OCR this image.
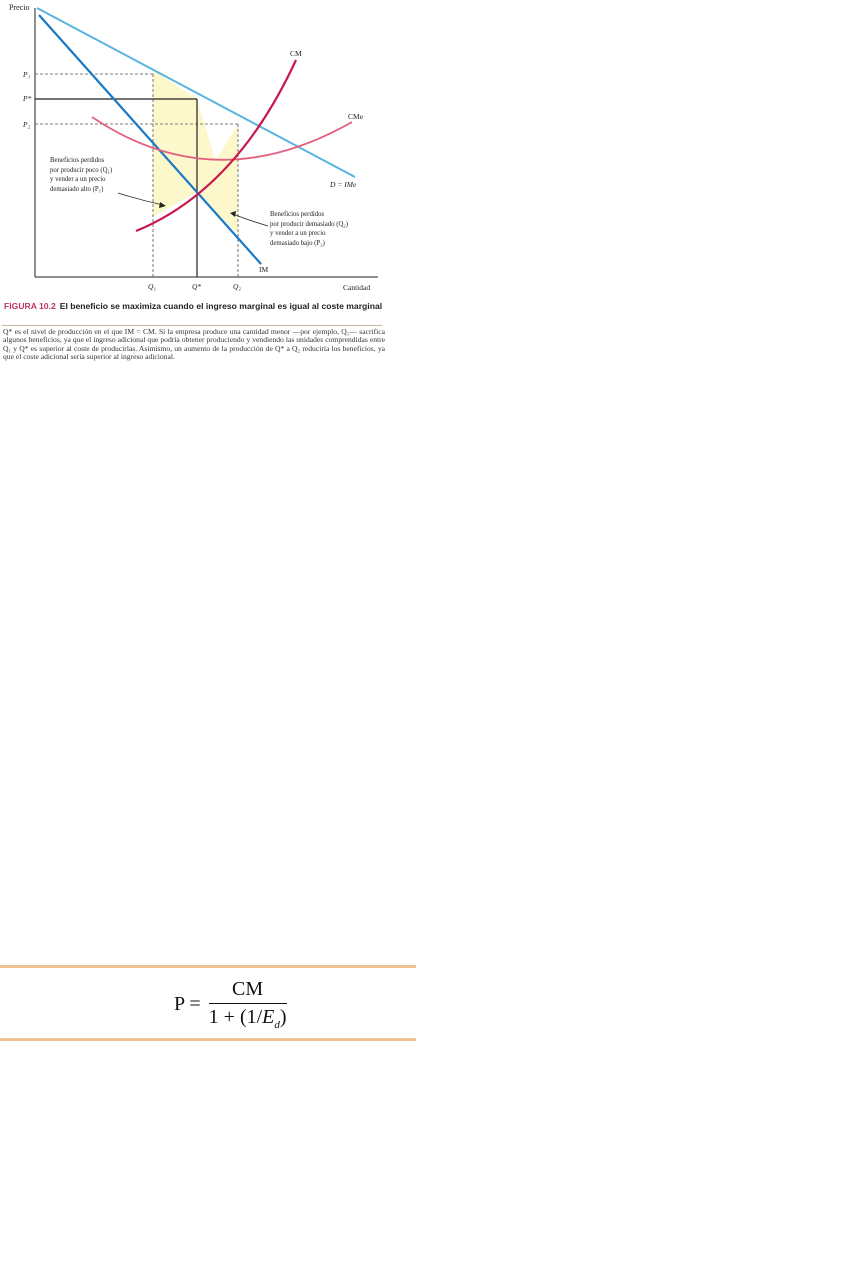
Precio
Cantidad
P₁
P*
P₂
Q₁	Q*	Q₂
CM
CMe
D = IMe
IM
Beneficios perdidos por producir poco (Q₁) y vender a un precio demasiado alto (P₁)
Beneficios perdidos por producir demasiado (Q₂) y vender a un precio demasiado bajo (P₂)
FIGURA 10.2 El beneficio se maximiza cuando el ingreso marginal es igual al coste marginal
Q* es el nivel de producción en el que IM = CM. Si la empresa produce una cantidad menor —por ejemplo, Q₁— sacrifica algunos beneficios, ya que el ingreso adicional que podría obtener produciendo y vendiendo las unidades comprendidas entre Q₁ y Q* es superior al coste de producirlas. Asimismo, un aumento de la producción de Q* a Q₂ reduciría los beneficios, ya que el coste adicional sería superior al ingreso adicional.
$P = \frac{CM}{1 + (1/E_d)}$
